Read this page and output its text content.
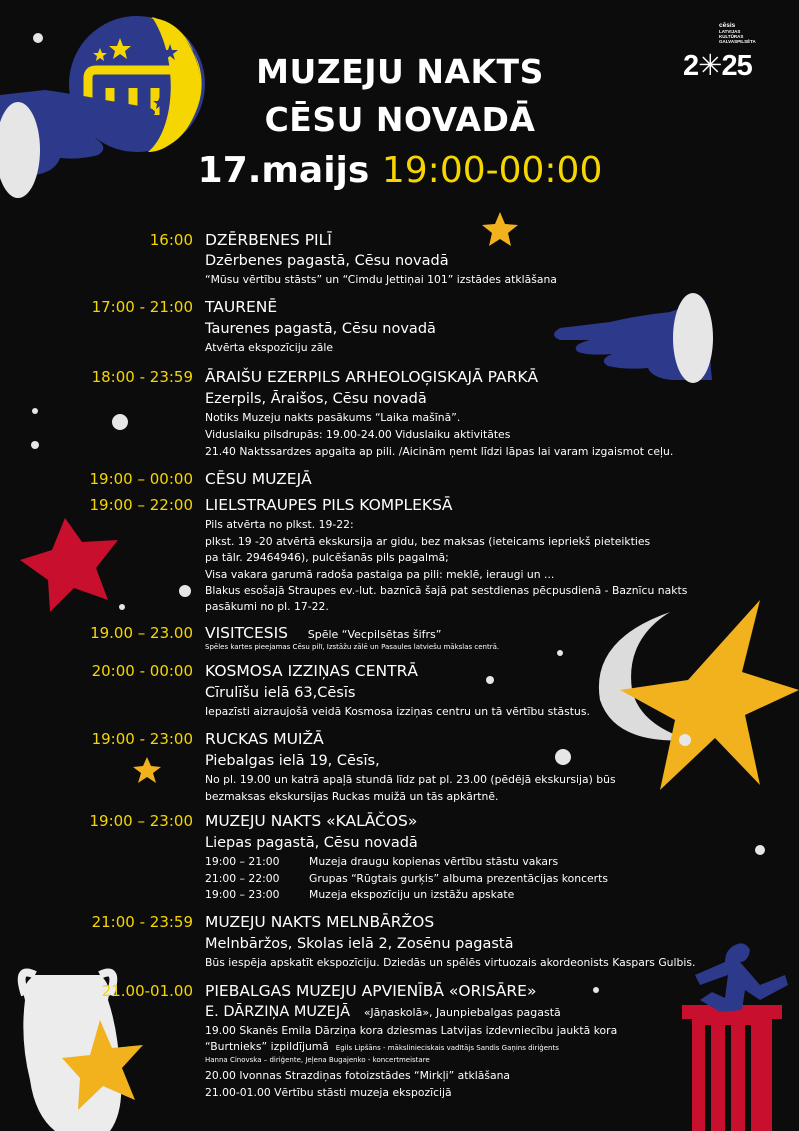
cēsis
LATVIJAS
KULTŪRAS
GALVASPILSĒTA
2✳25
MUZEJU NAKTS
CĒSU NOVADĀ
17.maijs 19:00-00:00
16:00 DZĒRBENES PILĪ
Dzērbenes pagastā, Cēsu novadā
“Mūsu vērtību stāsts” un “Cimdu Jettiņai 101” izstādes atklāšana
17:00 - 21:00 TAURENĒ
Taurenes pagastā, Cēsu novadā
Atvērta ekspozīciju zāle
18:00 - 23:59 ĀRAIŠU EZERPILS ARHEOLOĢISKAJĀ PARKĀ
Ezerpils, Āraišos, Cēsu novadā
Notiks Muzeju nakts pasākums “Laika mašīnā”.
Viduslaiku pilsdrupās: 19.00-24.00 Viduslaiku aktivitātes
21.40 Naktssardzes apgaita ap pili. /Aicinām ņemt līdzi lāpas lai varam izgaismot ceļu.
19:00 – 00:00 CĒSU MUZEJĀ
19:00 – 22:00 LIELSTRAUPES PILS KOMPLEKSĀ
Pils atvērta no plkst. 19-22:
plkst. 19 -20 atvērtā ekskursija ar gidu, bez maksas (ieteicams iepriekš pieteikties
pa tālr. 29464946), pulcēšanās pils pagalmā;
Visa vakara garumā radoša pastaiga pa pili: meklē, ieraugi un ...
Blakus esošajā Straupes ev.-lut. baznīcā šajā pat sestdienas pēcpusdienā - Baznīcu nakts
pasākumi no pl. 17-22.
19.00 – 23.00 VISITCESIS Spēle “Vecpilsētas šifrs”
Spēles kartes pieejamas Cēsu pilī, Izstāžu zālē un Pasaules latviešu mākslas centrā.
20:00 - 00:00 KOSMOSA IZZIŅAS CENTRĀ
Cīrulīšu ielā 63,Cēsīs
Iepazīsti aizraujošā veidā Kosmosa izziņas centru un tā vērtību stāstus.
19:00 - 23:00 RUCKAS MUIŽĀ
Piebalgas ielā 19, Cēsīs,
No pl. 19.00 un katrā apaļā stundā līdz pat pl. 23.00 (pēdējā ekskursija) būs
bezmaksas ekskursijas Ruckas muižā un tās apkārtnē.
19:00 – 23:00 MUZEJU NAKTS «KALĀČOS»
Liepas pagastā, Cēsu novadā
19:00 – 21:00	Muzeja draugu kopienas vērtību stāstu vakars
21:00 – 22:00	Grupas “Rūgtais gurķis” albuma prezentācijas koncerts
19:00 – 23:00	Muzeja ekspozīciju un izstāžu apskate
21:00 - 23:59 MUZEJU NAKTS MELNBĀRŽOS
Melnbāržos, Skolas ielā 2, Zosēnu pagastā
Būs iespēja apskatīt ekspozīciju. Dziedās un spēlēs virtuozais akordeonists Kaspars Gulbis.
21.00-01.00 PIEBALGAS MUZEJU APVIENĪBĀ «ORISĀRE»
E. DĀRZIŅA MUZEJĀ «Jāņaskolā», Jaunpiebalgas pagastā
19.00 Skanēs Emila Dārziņa kora dziesmas Latvijas izdevniecību jauktā kora
“Burtnieks” izpildījumā Egils Lipšāns - mākslinieciskais vadītājs Sandis Gaņins diriģents
Hanna Cinovska – diriģente, Jeļena Bugajenko - koncertmeistare
20.00 Ivonnas Strazdiņas fotoizstādes “Mirkļi” atklāšana
21.00-01.00 Vērtību stāsti muzeja ekspozīcijā
